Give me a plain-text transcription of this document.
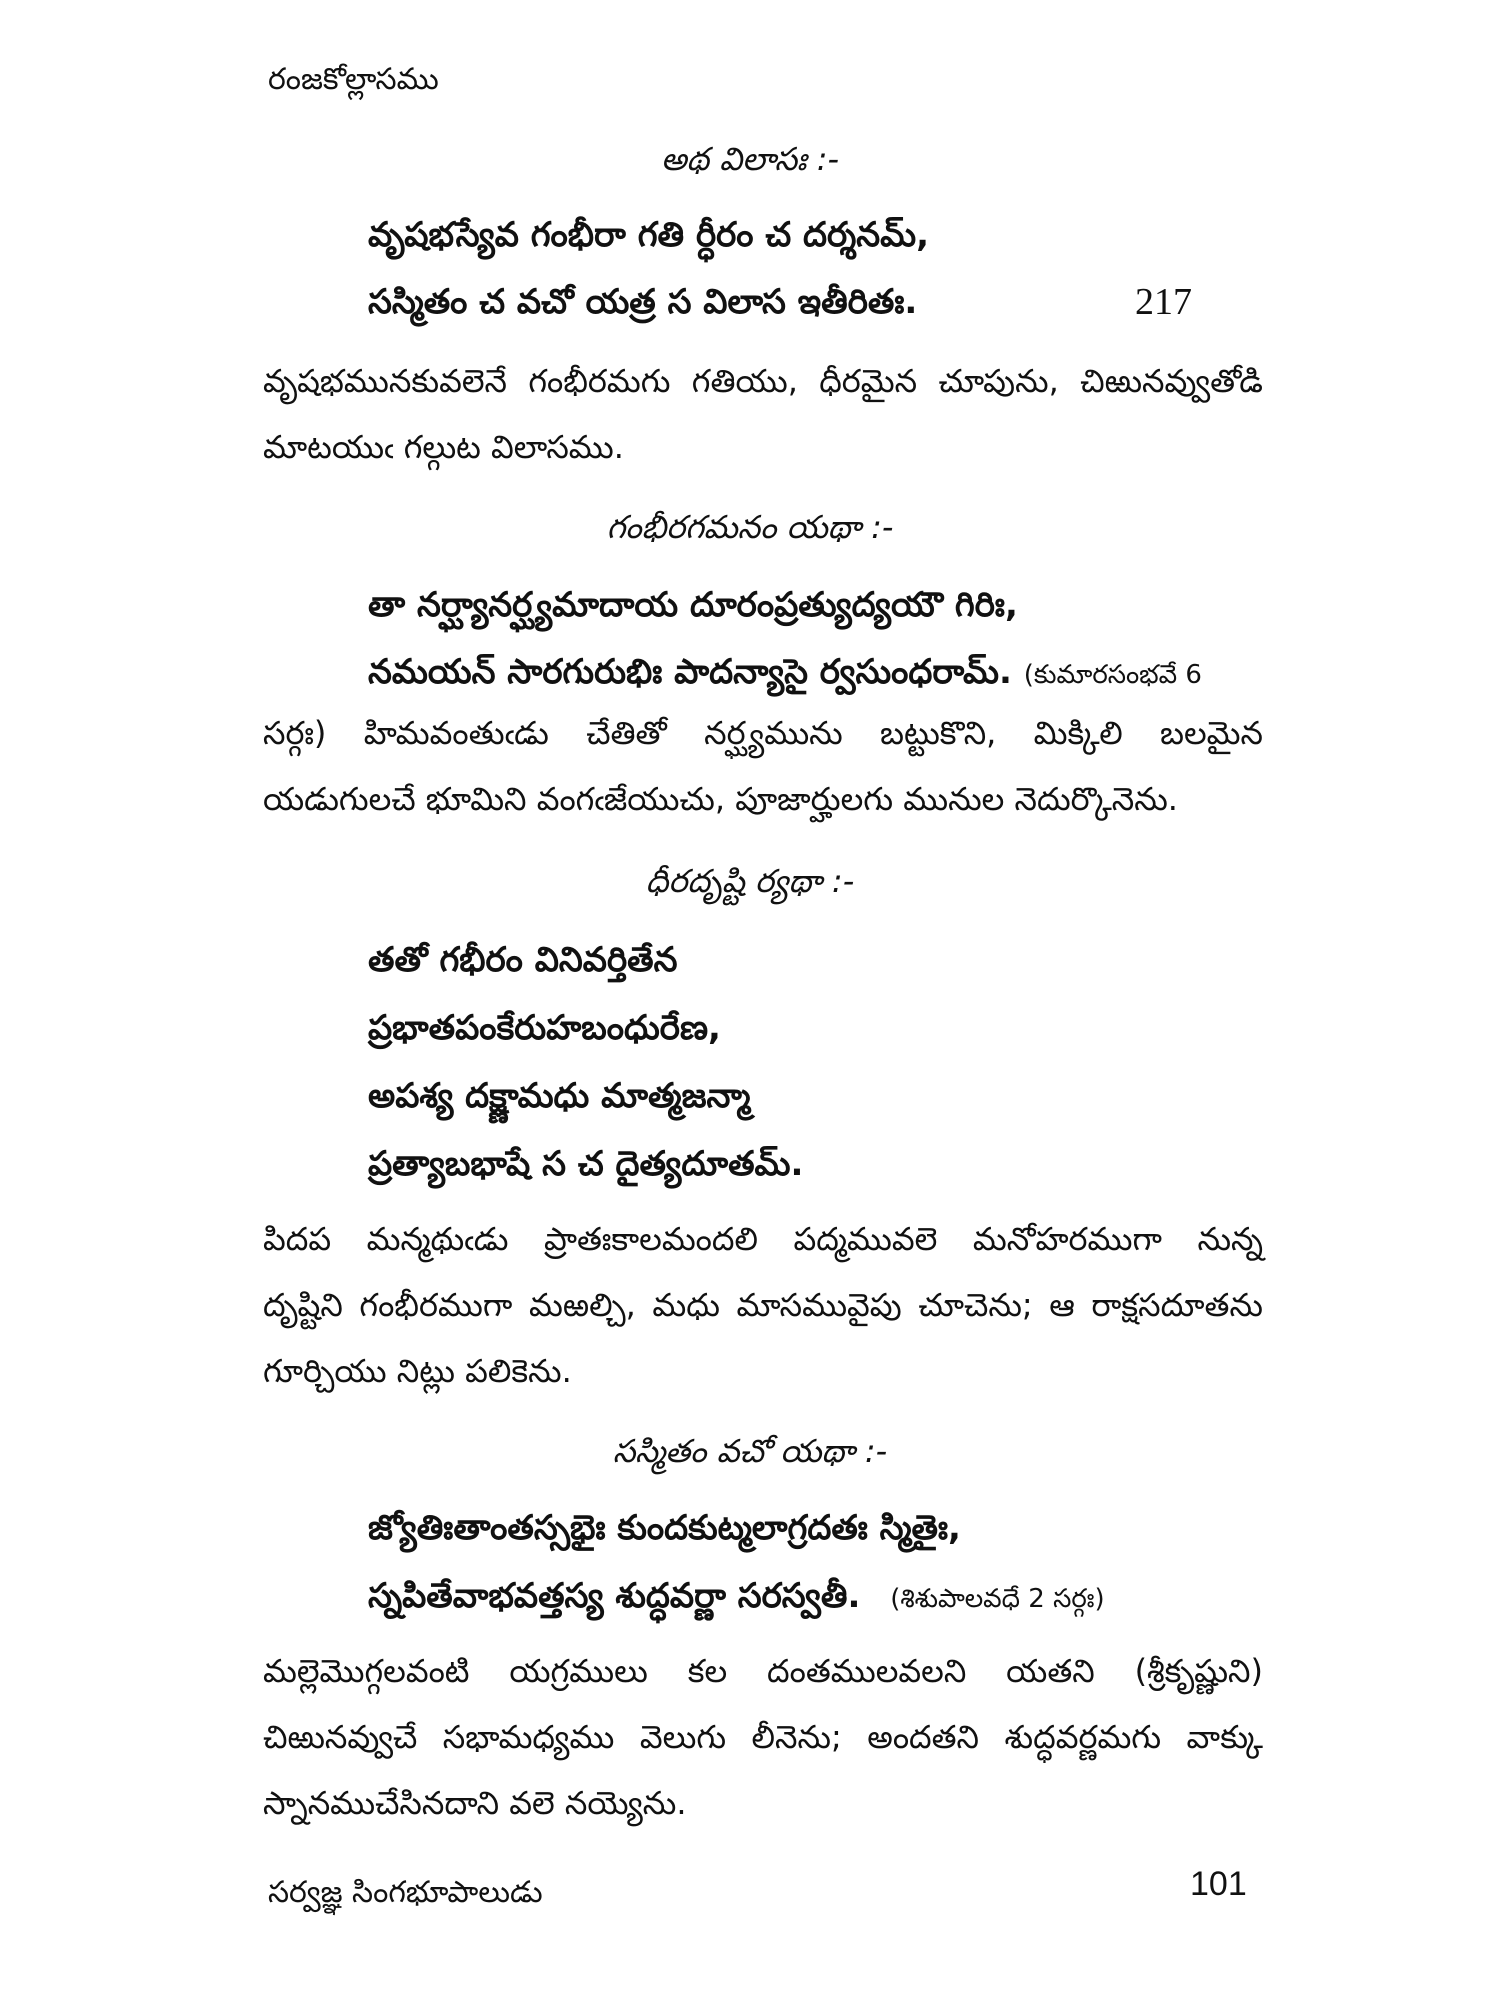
రంజకోల్లాసము
అథ విలాసః :-
వృషభస్యేవ గంభీరా గతి ర్ధీరం చ దర్శనమ్,
సస్మితం చ వచో యత్ర స విలాస ఇతీరితః.	217
వృషభమునకువలెనే గంభీరమగు గతియు, ధీరమైన చూపును, చిఱునవ్వుతోడి
మాటయుఁ గల్గుట విలాసము.
గంభీరగమనం యథా :-
తా నర్ఘ్యానర్ఘ్యమాదాయ దూరంప్రత్యుద్యయౌ గిరిః,
నమయన్ సారగురుభిః పాదన్యాసై ర్వసుంధరామ్. (కుమారసంభవే 6
సర్గః) హిమవంతుఁడు చేతితో నర్ఘ్యమును బట్టుకొని, మిక్కిలి బలమైన
యడుగులచే భూమిని వంగఁజేయుచు, పూజార్హులగు మునుల నెదుర్కొనెను.
ధీరదృష్టి ర్యథా :-
తతో గభీరం వినివర్తితేన
ప్రభాతపంకేరుహబంధురేణ,
అపశ్య దక్ష్ణామధు మాత్మజన్మా
ప్రత్యాబభాషే స చ దైత్యదూతమ్.
పిదప మన్మథుఁడు ప్రాతఃకాలమందలి పద్మమువలె మనోహరముగా నున్న
దృష్టిని గంభీరముగా మఱల్చి, మధు మాసమువైపు చూచెను; ఆ రాక్షసదూతను
గూర్చియు నిట్లు పలికెను.
సస్మితం వచో యథా :-
జ్యోతిఃతాంతస్సభైః కుందకుట్మలాగ్రదతః స్మితైః,
స్నపితేవాభవత్తస్య శుద్ధవర్ణా సరస్వతీ. (శిశుపాలవధే 2 సర్గః)
మల్లెమొగ్గలవంటి యగ్రములు కల దంతములవలని యతని (శ్రీకృష్ణుని)
చిఱునవ్వుచే సభామధ్యము వెలుగు లీనెను; అందతని శుద్ధవర్ణమగు వాక్కు
స్నానముచేసినదాని వలె నయ్యెను.
సర్వజ్ఞ సింగభూపాలుడు	101
